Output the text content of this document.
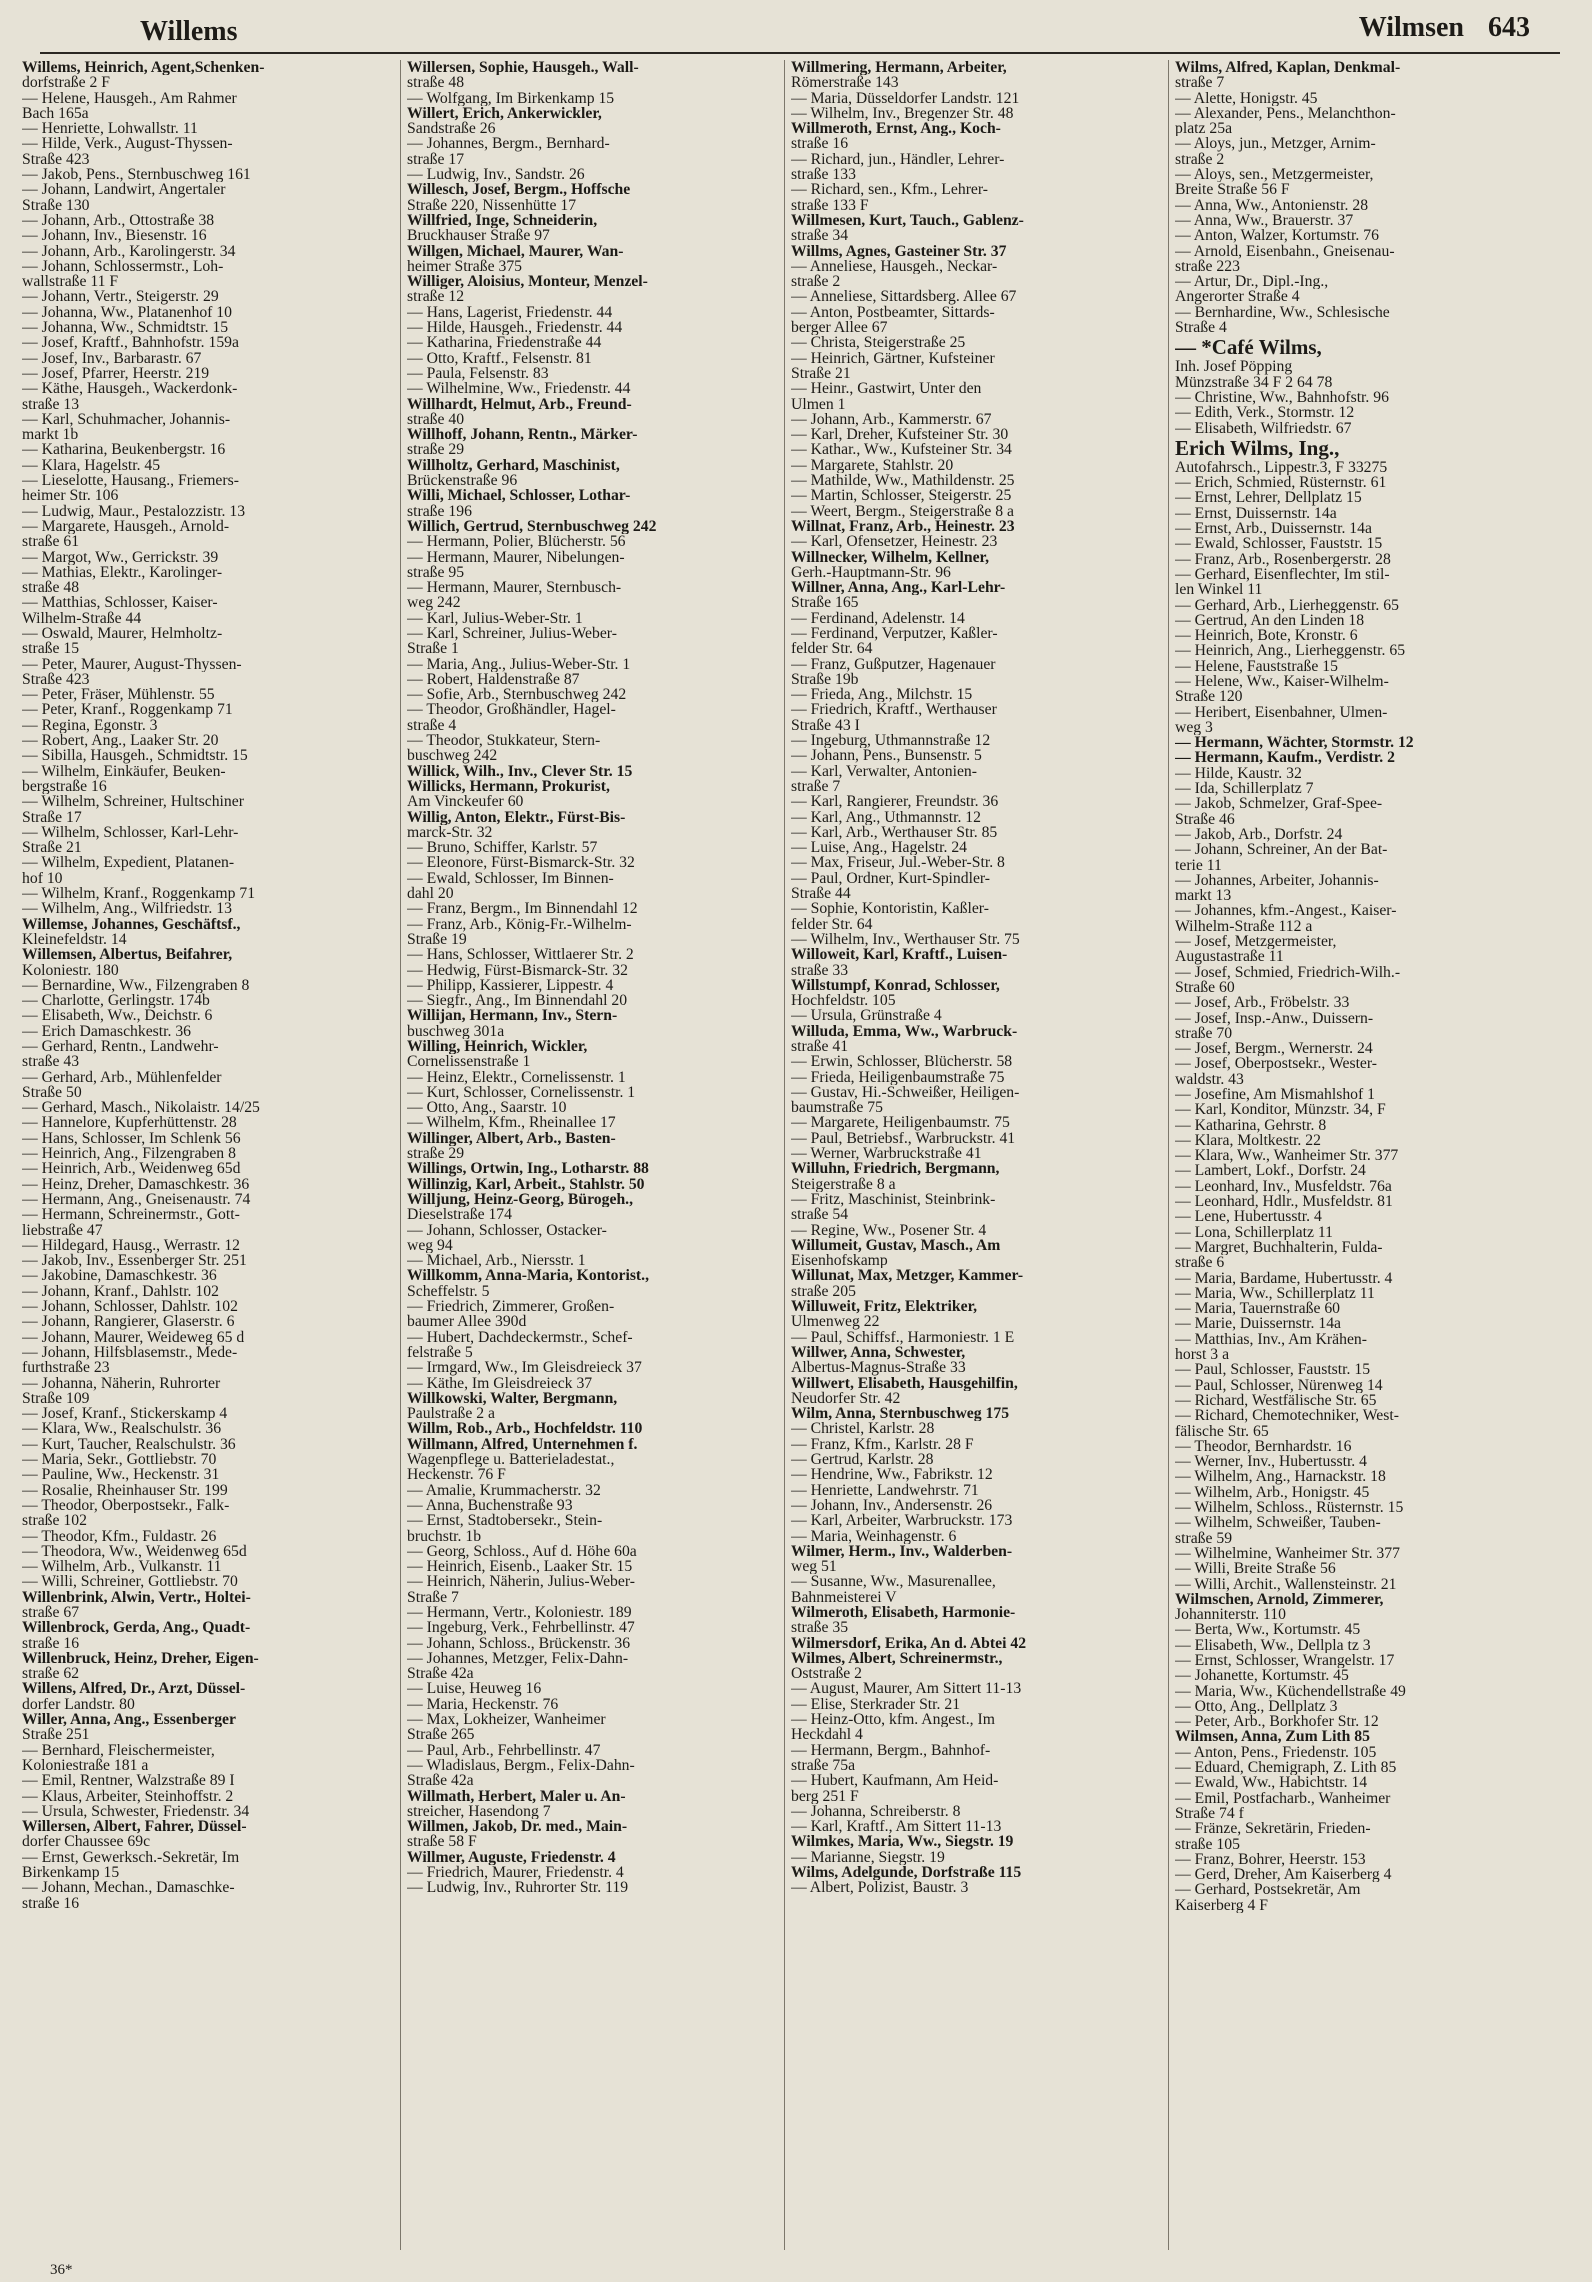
Willems	Wilmsen 643
Willems, Heinrich, Agent,Schenken-
dorfstraße 2 F
— Helene, Hausgeh., Am Rahmer
Bach 165a
— Henriette, Lohwallstr. 11
— Hilde, Verk., August-Thyssen-
Straße 423
— Jakob, Pens., Sternbuschweg 161
— Johann, Landwirt, Angertaler
Straße 130
— Johann, Arb., Ottostraße 38
— Johann, Inv., Biesenstr. 16
— Johann, Arb., Karolingerstr. 34
— Johann, Schlossermstr., Loh-
wallstraße 11 F
— Johann, Vertr., Steigerstr. 29
— Johanna, Ww., Platanenhof 10
— Johanna, Ww., Schmidtstr. 15
— Josef, Kraftf., Bahnhofstr. 159a
— Josef, Inv., Barbarastr. 67
— Josef, Pfarrer, Heerstr. 219
— Käthe, Hausgeh., Wackerdonk-
straße 13
— Karl, Schuhmacher, Johannis-
markt 1b
— Katharina, Beukenbergstr. 16
— Klara, Hagelstr. 45
— Lieselotte, Hausang., Friemers-
heimer Str. 106
— Ludwig, Maur., Pestalozzistr. 13
— Margarete, Hausgeh., Arnold-
straße 61
— Margot, Ww., Gerrickstr. 39
— Mathias, Elektr., Karolinger-
straße 48
— Matthias, Schlosser, Kaiser-
Wilhelm-Straße 44
— Oswald, Maurer, Helmholtz-
straße 15
— Peter, Maurer, August-Thyssen-
Straße 423
— Peter, Fräser, Mühlenstr. 55
— Peter, Kranf., Roggenkamp 71
— Regina, Egonstr. 3
— Robert, Ang., Laaker Str. 20
— Sibilla, Hausgeh., Schmidtstr. 15
— Wilhelm, Einkäufer, Beuken-
bergstraße 16
— Wilhelm, Schreiner, Hultschiner
Straße 17
— Wilhelm, Schlosser, Karl-Lehr-
Straße 21
— Wilhelm, Expedient, Platanen-
hof 10
— Wilhelm, Kranf., Roggenkamp 71
— Wilhelm, Ang., Wilfriedstr. 13
Willemse, Johannes, Geschäftsf.,
Kleinefeldstr. 14
Willemsen, Albertus, Beifahrer,
Koloniestr. 180
— Bernardine, Ww., Filzengraben 8
— Charlotte, Gerlingstr. 174b
— Elisabeth, Ww., Deichstr. 6
— Erich Damaschkestr. 36
— Gerhard, Rentn., Landwehr-
straße 43
— Gerhard, Arb., Mühlenfelder
Straße 50
— Gerhard, Masch., Nikolaistr. 14/25
— Hannelore, Kupferhüttenstr. 28
— Hans, Schlosser, Im Schlenk 56
— Heinrich, Ang., Filzengraben 8
— Heinrich, Arb., Weidenweg 65d
— Heinz, Dreher, Damaschkestr. 36
— Hermann, Ang., Gneisenaustr. 74
— Hermann, Schreinermstr., Gott-
liebstraße 47
— Hildegard, Hausg., Werrastr. 12
— Jakob, Inv., Essenberger Str. 251
— Jakobine, Damaschkestr. 36
— Johann, Kranf., Dahlstr. 102
— Johann, Schlosser, Dahlstr. 102
— Johann, Rangierer, Glaserstr. 6
— Johann, Maurer, Weideweg 65 d
— Johann, Hilfsblasemstr., Mede-
furthstraße 23
— Johanna, Näherin, Ruhrorter
Straße 109
— Josef, Kranf., Stickerskamp 4
— Klara, Ww., Realschulstr. 36
— Kurt, Taucher, Realschulstr. 36
— Maria, Sekr., Gottliebstr. 70
— Pauline, Ww., Heckenstr. 31
— Rosalie, Rheinhauser Str. 199
— Theodor, Oberpostsekr., Falk-
straße 102
— Theodor, Kfm., Fuldastr. 26
— Theodora, Ww., Weidenweg 65d
— Wilhelm, Arb., Vulkanstr. 11
— Willi, Schreiner, Gottliebstr. 70
Willenbrink, Alwin, Vertr., Holtei-
straße 67
Willenbrock, Gerda, Ang., Quadt-
straße 16
Willenbruck, Heinz, Dreher, Eigen-
straße 62
Willens, Alfred, Dr., Arzt, Düssel-
dorfer Landstr. 80
Willer, Anna, Ang., Essenberger
Straße 251
— Bernhard, Fleischermeister,
Koloniestraße 181 a
— Emil, Rentner, Walzstraße 89 I
— Klaus, Arbeiter, Steinhoffstr. 2
— Ursula, Schwester, Friedenstr. 34
Willersen, Albert, Fahrer, Düssel-
dorfer Chaussee 69c
— Ernst, Gewerksch.-Sekretär, Im
Birkenkamp 15
— Johann, Mechan., Damaschke-
straße 16
Willersen, Sophie, Hausgeh., Wall-
straße 48
— Wolfgang, Im Birkenkamp 15
Willert, Erich, Ankerwickler,
Sandstraße 26
— Johannes, Bergm., Bernhard-
straße 17
— Ludwig, Inv., Sandstr. 26
Willesch, Josef, Bergm., Hoffsche
Straße 220, Nissenhütte 17
Willfried, Inge, Schneiderin,
Bruckhauser Straße 97
Willgen, Michael, Maurer, Wan-
heimer Straße 375
Williger, Aloisius, Monteur, Menzel-
straße 12
— Hans, Lagerist, Friedenstr. 44
— Hilde, Hausgeh., Friedenstr. 44
— Katharina, Friedenstraße 44
— Otto, Kraftf., Felsenstr. 81
— Paula, Felsenstr. 83
— Wilhelmine, Ww., Friedenstr. 44
Willhardt, Helmut, Arb., Freund-
straße 40
Willhoff, Johann, Rentn., Märker-
straße 29
Willholtz, Gerhard, Maschinist,
Brückenstraße 96
Willi, Michael, Schlosser, Lothar-
straße 196
Willich, Gertrud, Sternbuschweg 242
— Hermann, Polier, Blücherstr. 56
— Hermann, Maurer, Nibelungen-
straße 95
— Hermann, Maurer, Sternbusch-
weg 242
— Karl, Julius-Weber-Str. 1
— Karl, Schreiner, Julius-Weber-
Straße 1
— Maria, Ang., Julius-Weber-Str. 1
— Robert, Haldenstraße 87
— Sofie, Arb., Sternbuschweg 242
— Theodor, Großhändler, Hagel-
straße 4
— Theodor, Stukkateur, Stern-
buschweg 242
Willick, Wilh., Inv., Clever Str. 15
Willicks, Hermann, Prokurist,
Am Vinckeufer 60
Willig, Anton, Elektr., Fürst-Bis-
marck-Str. 32
— Bruno, Schiffer, Karlstr. 57
— Eleonore, Fürst-Bismarck-Str. 32
— Ewald, Schlosser, Im Binnen-
dahl 20
— Franz, Bergm., Im Binnendahl 12
— Franz, Arb., König-Fr.-Wilhelm-
Straße 19
— Hans, Schlosser, Wittlaerer Str. 2
— Hedwig, Fürst-Bismarck-Str. 32
— Philipp, Kassierer, Lippestr. 4
— Siegfr., Ang., Im Binnendahl 20
Willijan, Hermann, Inv., Stern-
buschweg 301a
Willing, Heinrich, Wickler,
Cornelissenstraße 1
— Heinz, Elektr., Cornelissenstr. 1
— Kurt, Schlosser, Cornelissenstr. 1
— Otto, Ang., Saarstr. 10
— Wilhelm, Kfm., Rheinallee 17
Willinger, Albert, Arb., Basten-
straße 29
Willings, Ortwin, Ing., Lotharstr. 88
Willinzig, Karl, Arbeit., Stahlstr. 50
Willjung, Heinz-Georg, Bürogeh.,
Dieselstraße 174
— Johann, Schlosser, Ostacker-
weg 94
— Michael, Arb., Niersstr. 1
Willkomm, Anna-Maria, Kontorist.,
Scheffelstr. 5
— Friedrich, Zimmerer, Großen-
baumer Allee 390d
— Hubert, Dachdeckermstr., Schef-
felstraße 5
— Irmgard, Ww., Im Gleisdreieck 37
— Käthe, Im Gleisdreieck 37
Willkowski, Walter, Bergmann,
Paulstraße 2 a
Willm, Rob., Arb., Hochfeldstr. 110
Willmann, Alfred, Unternehmen f.
Wagenpflege u. Batterieladestat.,
Heckenstr. 76 F
— Amalie, Krummacherstr. 32
— Anna, Buchenstraße 93
— Ernst, Stadtobersekr., Stein-
bruchstr. 1b
— Georg, Schloss., Auf d. Höhe 60a
— Heinrich, Eisenb., Laaker Str. 15
— Heinrich, Näherin, Julius-Weber-
Straße 7
— Hermann, Vertr., Koloniestr. 189
— Ingeburg, Verk., Fehrbellinstr. 47
— Johann, Schloss., Brückenstr. 36
— Johannes, Metzger, Felix-Dahn-
Straße 42a
— Luise, Heuweg 16
— Maria, Heckenstr. 76
— Max, Lokheizer, Wanheimer
Straße 265
— Paul, Arb., Fehrbellinstr. 47
— Wladislaus, Bergm., Felix-Dahn-
Straße 42a
Willmath, Herbert, Maler u. An-
streicher, Hasendong 7
Willmen, Jakob, Dr. med., Main-
straße 58 F
Willmer, Auguste, Friedenstr. 4
— Friedrich, Maurer, Friedenstr. 4
— Ludwig, Inv., Ruhrorter Str. 119
Willmering, Hermann, Arbeiter,
Römerstraße 143
— Maria, Düsseldorfer Landstr. 121
— Wilhelm, Inv., Bregenzer Str. 48
Willmeroth, Ernst, Ang., Koch-
straße 16
— Richard, jun., Händler, Lehrer-
straße 133
— Richard, sen., Kfm., Lehrer-
straße 133 F
Willmesen, Kurt, Tauch., Gablenz-
straße 34
Willms, Agnes, Gasteiner Str. 37
— Anneliese, Hausgeh., Neckar-
straße 2
— Anneliese, Sittardsberg. Allee 67
— Anton, Postbeamter, Sittards-
berger Allee 67
— Christa, Steigerstraße 25
— Heinrich, Gärtner, Kufsteiner
Straße 21
— Heinr., Gastwirt, Unter den
Ulmen 1
— Johann, Arb., Kammerstr. 67
— Karl, Dreher, Kufsteiner Str. 30
— Kathar., Ww., Kufsteiner Str. 34
— Margarete, Stahlstr. 20
— Mathilde, Ww., Mathildenstr. 25
— Martin, Schlosser, Steigerstr. 25
— Weert, Bergm., Steigerstraße 8 a
Willnat, Franz, Arb., Heinestr. 23
— Karl, Ofensetzer, Heinestr. 23
Willnecker, Wilhelm, Kellner,
Gerh.-Hauptmann-Str. 96
Willner, Anna, Ang., Karl-Lehr-
Straße 165
— Ferdinand, Adelenstr. 14
— Ferdinand, Verputzer, Kaßler-
felder Str. 64
— Franz, Gußputzer, Hagenauer
Straße 19b
— Frieda, Ang., Milchstr. 15
— Friedrich, Kraftf., Werthauser
Straße 43 I
— Ingeburg, Uthmannstraße 12
— Johann, Pens., Bunsenstr. 5
— Karl, Verwalter, Antonien-
straße 7
— Karl, Rangierer, Freundstr. 36
— Karl, Ang., Uthmannstr. 12
— Karl, Arb., Werthauser Str. 85
— Luise, Ang., Hagelstr. 24
— Max, Friseur, Jul.-Weber-Str. 8
— Paul, Ordner, Kurt-Spindler-
Straße 44
— Sophie, Kontoristin, Kaßler-
felder Str. 64
— Wilhelm, Inv., Werthauser Str. 75
Willoweit, Karl, Kraftf., Luisen-
straße 33
Willstumpf, Konrad, Schlosser,
Hochfeldstr. 105
— Ursula, Grünstraße 4
Willuda, Emma, Ww., Warbruck-
straße 41
— Erwin, Schlosser, Blücherstr. 58
— Frieda, Heiligenbaumstraße 75
— Gustav, Hi.-Schweißer, Heiligen-
baumstraße 75
— Margarete, Heiligenbaumstr. 75
— Paul, Betriebsf., Warbruckstr. 41
— Werner, Warbruckstraße 41
Willuhn, Friedrich, Bergmann,
Steigerstraße 8 a
— Fritz, Maschinist, Steinbrink-
straße 54
— Regine, Ww., Posener Str. 4
Willumeit, Gustav, Masch., Am
Eisenhofskamp
Willunat, Max, Metzger, Kammer-
straße 205
Willuweit, Fritz, Elektriker,
Ulmenweg 22
— Paul, Schiffsf., Harmoniestr. 1 E
Willwer, Anna, Schwester,
Albertus-Magnus-Straße 33
Willwert, Elisabeth, Hausgehilfin,
Neudorfer Str. 42
Wilm, Anna, Sternbuschweg 175
— Christel, Karlstr. 28
— Franz, Kfm., Karlstr. 28 F
— Gertrud, Karlstr. 28
— Hendrine, Ww., Fabrikstr. 12
— Henriette, Landwehrstr. 71
— Johann, Inv., Andersenstr. 26
— Karl, Arbeiter, Warbruckstr. 173
— Maria, Weinhagenstr. 6
Wilmer, Herm., Inv., Walderben-
weg 51
— Susanne, Ww., Masurenallee,
Bahnmeisterei V
Wilmeroth, Elisabeth, Harmonie-
straße 35
Wilmersdorf, Erika, An d. Abtei 42
Wilmes, Albert, Schreinermstr.,
Oststraße 2
— August, Maurer, Am Sittert 11-13
— Elise, Sterkrader Str. 21
— Heinz-Otto, kfm. Angest., Im
Heckdahl 4
— Hermann, Bergm., Bahnhof-
straße 75a
— Hubert, Kaufmann, Am Heid-
berg 251 F
— Johanna, Schreiberstr. 8
— Karl, Kraftf., Am Sittert 11-13
Wilmkes, Maria, Ww., Siegstr. 19
— Marianne, Siegstr. 19
Wilms, Adelgunde, Dorfstraße 115
— Albert, Polizist, Baustr. 3
Wilms, Alfred, Kaplan, Denkmal-
straße 7
— Alette, Honigstr. 45
— Alexander, Pens., Melanchthon-
platz 25a
— Aloys, jun., Metzger, Arnim-
straße 2
— Aloys, sen., Metzgermeister,
Breite Straße 56 F
— Anna, Ww., Antonienstr. 28
— Anna, Ww., Brauerstr. 37
— Anton, Walzer, Kortumstr. 76
— Arnold, Eisenbahn., Gneisenau-
straße 223
— Artur, Dr., Dipl.-Ing.,
Angerorter Straße 4
— Bernhardine, Ww., Schlesische
Straße 4
— *Café Wilms,
Inh. Josef Pöpping
Münzstraße 34 F 2 64 78
— Christine, Ww., Bahnhofstr. 96
— Edith, Verk., Stormstr. 12
— Elisabeth, Wilfriedstr. 67
Erich Wilms, Ing.,
Autofahrsch., Lippestr.3, F 33275
— Erich, Schmied, Rüsternstr. 61
— Ernst, Lehrer, Dellplatz 15
— Ernst, Duissernstr. 14a
— Ernst, Arb., Duissernstr. 14a
— Ewald, Schlosser, Fauststr. 15
— Franz, Arb., Rosenbergerstr. 28
— Gerhard, Eisenflechter, Im stil-
len Winkel 11
— Gerhard, Arb., Lierheggenstr. 65
— Gertrud, An den Linden 18
— Heinrich, Bote, Kronstr. 6
— Heinrich, Ang., Lierheggenstr. 65
— Helene, Fauststraße 15
— Helene, Ww., Kaiser-Wilhelm-
Straße 120
— Heribert, Eisenbahner, Ulmen-
weg 3
— Hermann, Wächter, Stormstr. 12
— Hermann, Kaufm., Verdistr. 2
— Hilde, Kaustr. 32
— Ida, Schillerplatz 7
— Jakob, Schmelzer, Graf-Spee-
Straße 46
— Jakob, Arb., Dorfstr. 24
— Johann, Schreiner, An der Bat-
terie 11
— Johannes, Arbeiter, Johannis-
markt 13
— Johannes, kfm.-Angest., Kaiser-
Wilhelm-Straße 112 a
— Josef, Metzgermeister,
Augustastraße 11
— Josef, Schmied, Friedrich-Wilh.-
Straße 60
— Josef, Arb., Fröbelstr. 33
— Josef, Insp.-Anw., Duissern-
straße 70
— Josef, Bergm., Wernerstr. 24
— Josef, Oberpostsekr., Wester-
waldstr. 43
— Josefine, Am Mismahlshof 1
— Karl, Konditor, Münzstr. 34, F
— Katharina, Gehrstr. 8
— Klara, Moltkestr. 22
— Klara, Ww., Wanheimer Str. 377
— Lambert, Lokf., Dorfstr. 24
— Leonhard, Inv., Musfeldstr. 76a
— Leonhard, Hdlr., Musfeldstr. 81
— Lene, Hubertusstr. 4
— Lona, Schillerplatz 11
— Margret, Buchhalterin, Fulda-
straße 6
— Maria, Bardame, Hubertusstr. 4
— Maria, Ww., Schillerplatz 11
— Maria, Tauernstraße 60
— Marie, Duissernstr. 14a
— Matthias, Inv., Am Krähen-
horst 3 a
— Paul, Schlosser, Fauststr. 15
— Paul, Schlosser, Nürenweg 14
— Richard, Westfälische Str. 65
— Richard, Chemotechniker, West-
fälische Str. 65
— Theodor, Bernhardstr. 16
— Werner, Inv., Hubertusstr. 4
— Wilhelm, Ang., Harnackstr. 18
— Wilhelm, Arb., Honigstr. 45
— Wilhelm, Schloss., Rüsternstr. 15
— Wilhelm, Schweißer, Tauben-
straße 59
— Wilhelmine, Wanheimer Str. 377
— Willi, Breite Straße 56
— Willi, Archit., Wallensteinstr. 21
Wilmschen, Arnold, Zimmerer,
Johanniterstr. 110
— Berta, Ww., Kortumstr. 45
— Elisabeth, Ww., Dellpla tz 3
— Ernst, Schlosser, Wrangelstr. 17
— Johanette, Kortumstr. 45
— Maria, Ww., Küchendellstraße 49
— Otto, Ang., Dellplatz 3
— Peter, Arb., Borkhofer Str. 12
Wilmsen, Anna, Zum Lith 85
— Anton, Pens., Friedenstr. 105
— Eduard, Chemigraph, Z. Lith 85
— Ewald, Ww., Habichtstr. 14
— Emil, Postfacharb., Wanheimer
Straße 74 f
— Fränze, Sekretärin, Frieden-
straße 105
— Franz, Bohrer, Heerstr. 153
— Gerd, Dreher, Am Kaiserberg 4
— Gerhard, Postsekretär, Am
Kaiserberg 4 F
36*
